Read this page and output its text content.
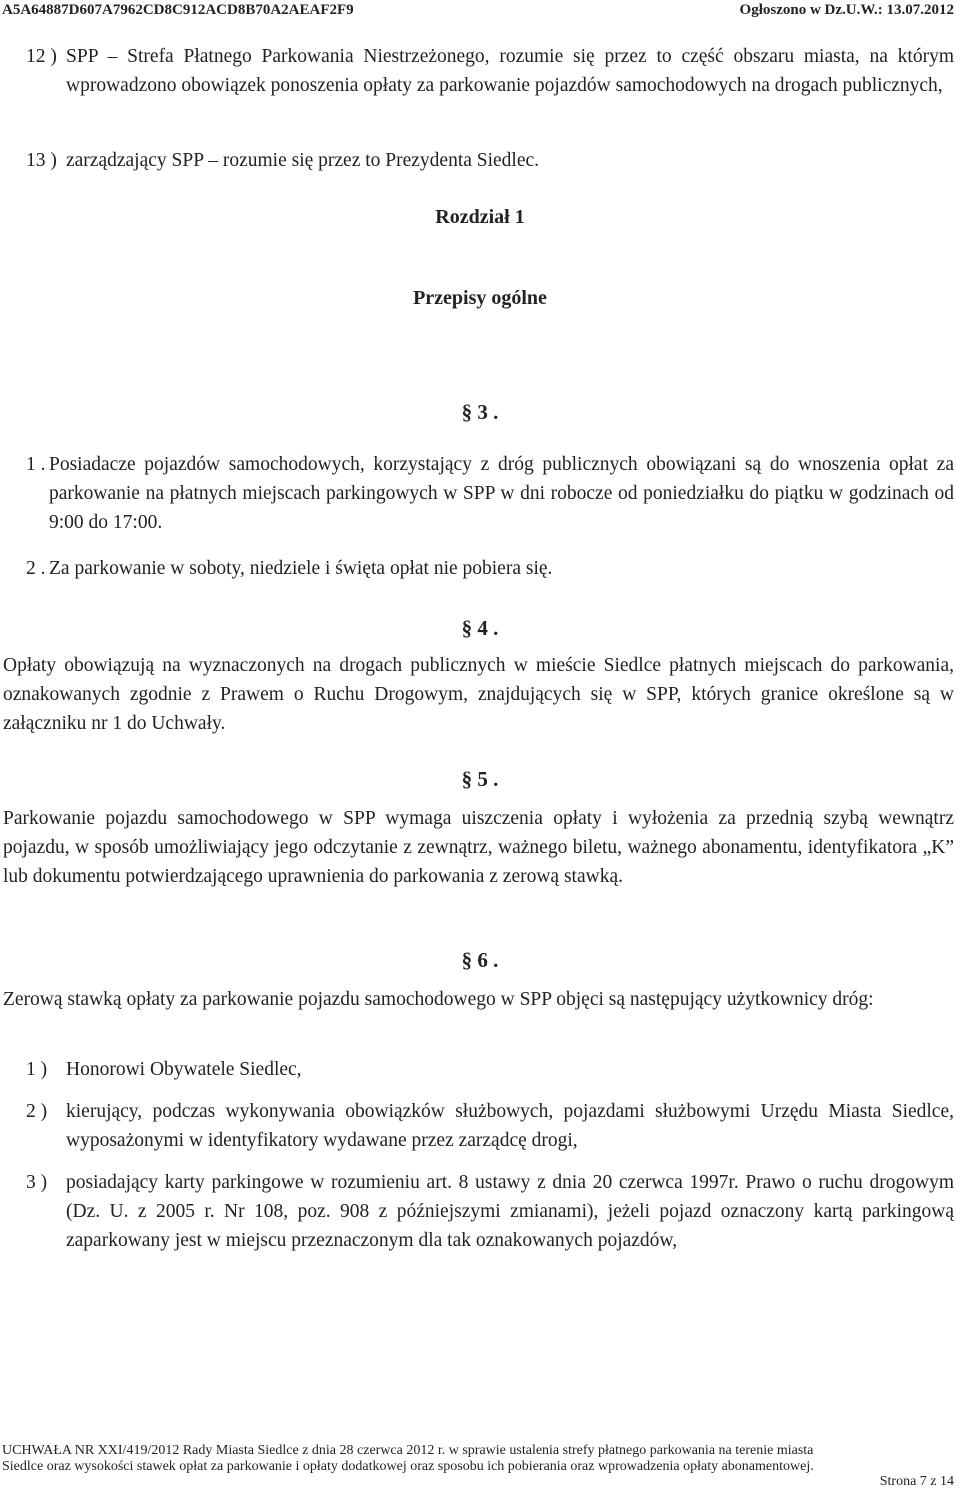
A5A64887D607A7962CD8C912ACD8B70A2AEAF2F9	Ogłoszono w Dz.U.W.: 13.07.2012
12 ) SPP – Strefa Płatnego Parkowania Niestrzeżonego, rozumie się przez to część obszaru miasta, na którym wprowadzono obowiązek ponoszenia opłaty za parkowanie pojazdów samochodowych na drogach publicznych,
13 ) zarządzający SPP – rozumie się przez to Prezydenta Siedlec.
Rozdział 1
Przepisy ogólne
§ 3 .
1 . Posiadacze pojazdów samochodowych, korzystający z dróg publicznych obowiązani są do wnoszenia opłat za parkowanie na płatnych miejscach parkingowych w SPP w dni robocze od poniedziałku do piątku w godzinach od 9:00 do 17:00.
2 . Za parkowanie w soboty, niedziele i święta opłat nie pobiera się.
§ 4 .
Opłaty obowiązują na wyznaczonych na drogach publicznych w mieście Siedlce płatnych miejscach do parkowania, oznakowanych zgodnie z Prawem o Ruchu Drogowym, znajdujących się w SPP, których granice określone są w załączniku nr 1 do Uchwały.
§ 5 .
Parkowanie pojazdu samochodowego w SPP wymaga uiszczenia opłaty i wyłożenia za przednią szybą wewnątrz pojazdu, w sposób umożliwiający jego odczytanie z zewnątrz, ważnego biletu, ważnego abonamentu, identyfikatora „K” lub dokumentu potwierdzającego uprawnienia do parkowania z zerową stawką.
§ 6 .
Zerową stawką opłaty za parkowanie pojazdu samochodowego w SPP objęci są następujący użytkownicy dróg:
1 ) Honorowi Obywatele Siedlec,
2 ) kierujący, podczas wykonywania obowiązków służbowych, pojazdami służbowymi Urzędu Miasta Siedlce, wyposażonymi w identyfikatory wydawane przez zarządcę drogi,
3 ) posiadający karty parkingowe w rozumieniu art. 8 ustawy z dnia 20 czerwca 1997r. Prawo o ruchu drogowym (Dz. U. z 2005 r. Nr 108, poz. 908 z późniejszymi zmianami), jeżeli pojazd oznaczony kartą parkingową zaparkowany jest w miejscu przeznaczonym dla tak oznakowanych pojazdów,
UCHWAŁA NR XXI/419/2012 Rady Miasta Siedlce z dnia 28 czerwca 2012 r. w sprawie ustalenia strefy płatnego parkowania na terenie miasta
Siedlce oraz wysokości stawek opłat za parkowanie i opłaty dodatkowej oraz sposobu ich pobierania oraz wprowadzenia opłaty abonamentowej.
Strona 7 z 14
